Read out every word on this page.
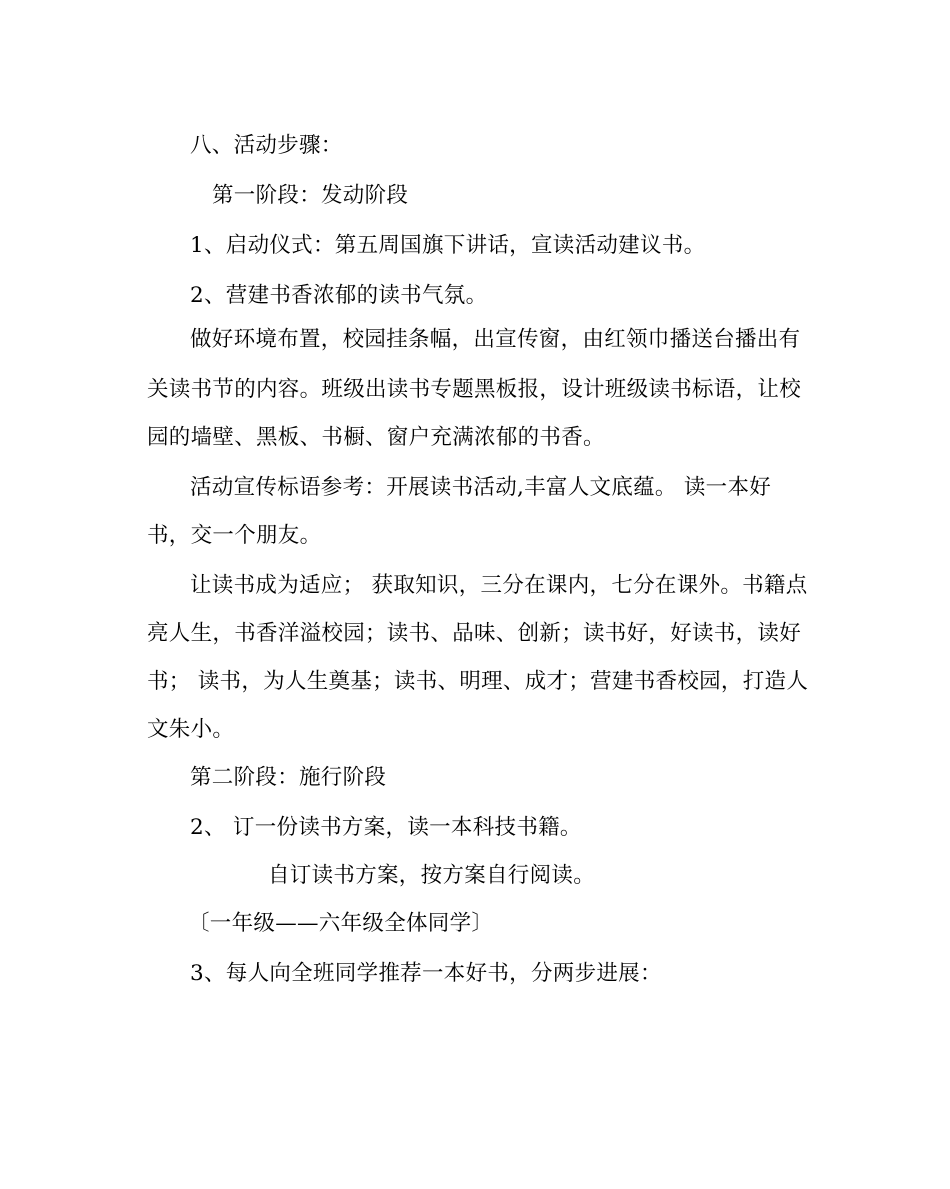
八、活动步骤：
第一阶段：发动阶段
1、启动仪式：第五周国旗下讲话，宣读活动建议书。
2、营建书香浓郁的读书气氛。
做好环境布置，校园挂条幅，出宣传窗，由红领巾播送台播出有
关读书节的内容。班级出读书专题黑板报，设计班级读书标语，让校
园的墙壁、黑板、书橱、窗户充满浓郁的书香。
活动宣传标语参考：开展读书活动,丰富人文底蕴。 读一本好
书，交一个朋友。
让读书成为适应； 获取知识，三分在课内，七分在课外。书籍点
亮人生，书香洋溢校园；读书、品味、创新；读书好，好读书，读好
书； 读书，为人生奠基；读书、明理、成才；营建书香校园，打造人
文朱小。
第二阶段：施行阶段
2、 订一份读书方案，读一本科技书籍。
自订读书方案，按方案自行阅读。
〔一年级——六年级全体同学〕
3、每人向全班同学推荐一本好书，分两步进展：
